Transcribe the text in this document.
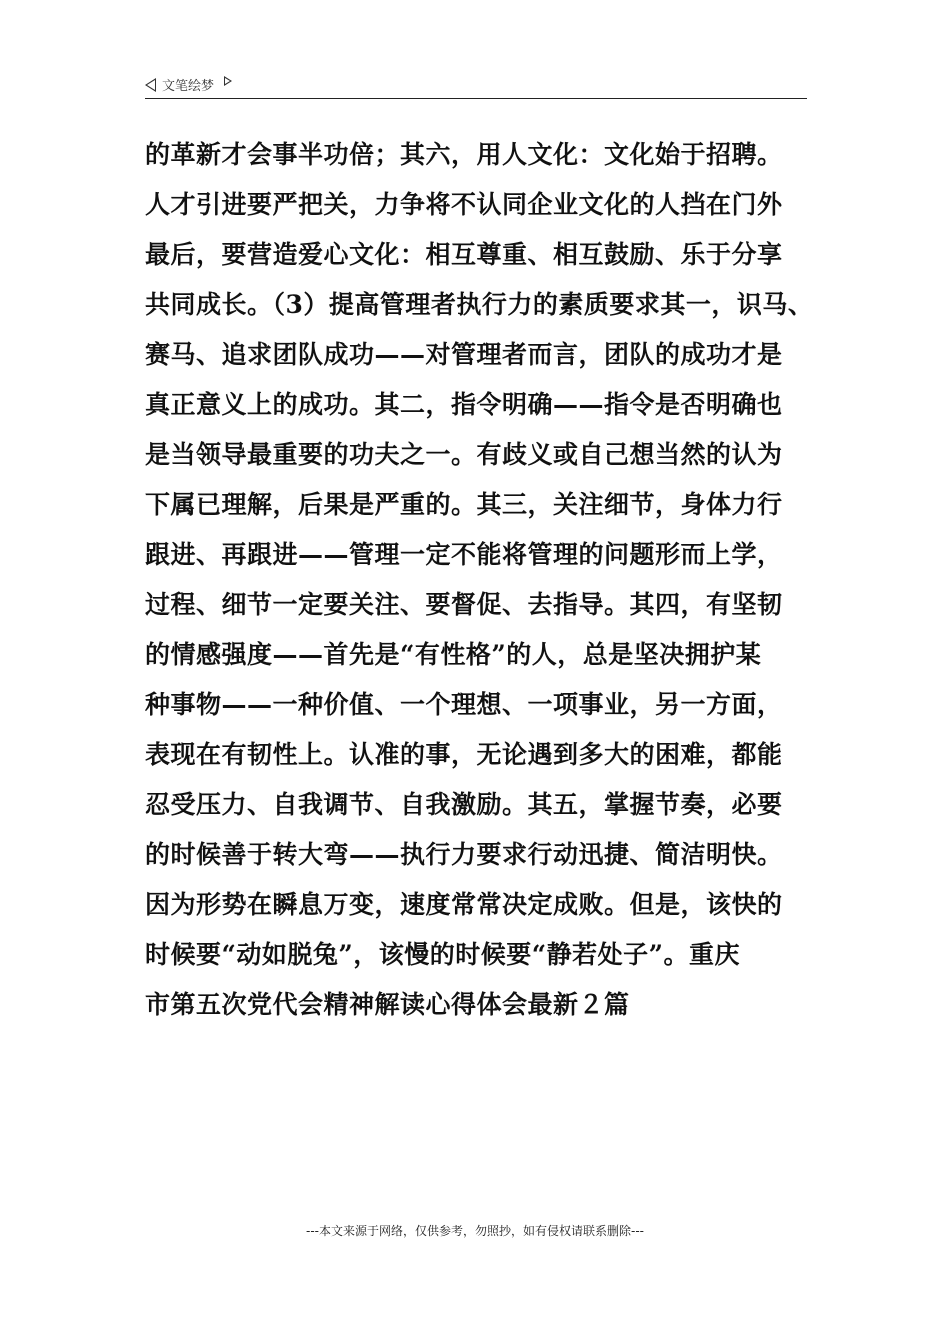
文笔绘梦
的革新才会事半功倍；其六，用人文化：文化始于招聘。
人才引进要严把关，力争将不认同企业文化的人挡在门外
最后，要营造爱心文化：相互尊重、相互鼓励、乐于分享
共同成长。（3）提高管理者执行力的素质要求其一，识马、
赛马、追求团队成功——对管理者而言，团队的成功才是
真正意义上的成功。其二，指令明确——指令是否明确也
是当领导最重要的功夫之一。有歧义或自己想当然的认为
下属已理解，后果是严重的。其三，关注细节，身体力行
跟进、再跟进——管理一定不能将管理的问题形而上学，
过程、细节一定要关注、要督促、去指导。其四，有坚韧
的情感强度——首先是“有性格”的人，总是坚决拥护某
种事物——一种价值、一个理想、一项事业，另一方面，
表现在有韧性上。认准的事，无论遇到多大的困难，都能
忍受压力、自我调节、自我激励。其五，掌握节奏，必要
的时候善于转大弯——执行力要求行动迅捷、简洁明快。
因为形势在瞬息万变，速度常常决定成败。但是，该快的
时候要“动如脱兔”，该慢的时候要“静若处子”。重庆
市第五次党代会精神解读心得体会最新２篇
---本文来源于网络，仅供参考，勿照抄，如有侵权请联系删除---
